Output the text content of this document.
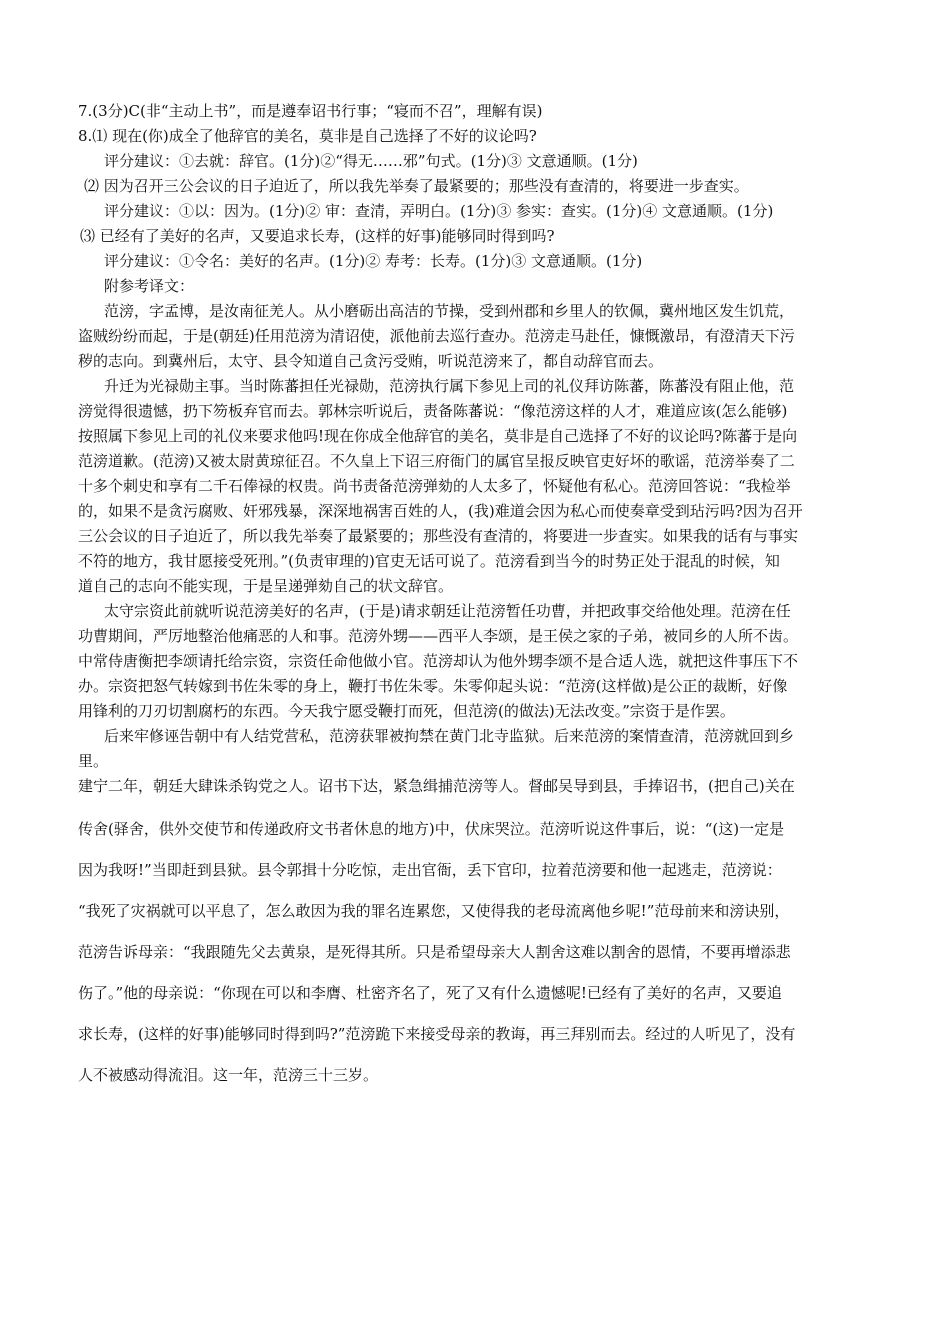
7.(3分)C(非“主动上书”，而是遵奉诏书行事；“寝而不召”，理解有误)
8.⑴ 现在(你)成全了他辞官的美名，莫非是自己选择了不好的议论吗?
评分建议：①去就：辞官。(1分)②“得无……邪”句式。(1分)③ 文意通顺。(1分)
⑵ 因为召开三公会议的日子迫近了，所以我先举奏了最紧要的；那些没有查清的，将要进一步查实。
评分建议：①以：因为。(1分)② 审：查清，弄明白。(1分)③ 参实：查实。(1分)④ 文意通顺。(1分)
⑶ 已经有了美好的名声，又要追求长寿，(这样的好事)能够同时得到吗?
评分建议：①令名：美好的名声。(1分)② 寿考：长寿。(1分)③ 文意通顺。(1分)
附参考译文：
范滂，字孟博，是汝南征羌人。从小磨砺出高洁的节操，受到州郡和乡里人的钦佩，冀州地区发生饥荒，
盗贼纷纷而起，于是(朝廷)任用范滂为清诏使，派他前去巡行查办。范滂走马赴任，慷慨激昂，有澄清天下污
秽的志向。到冀州后，太守、县令知道自己贪污受贿，听说范滂来了，都自动辞官而去。
升迁为光禄勋主事。当时陈蕃担任光禄勋，范滂执行属下参见上司的礼仪拜访陈蕃，陈蕃没有阻止他，范
滂觉得很遗憾，扔下笏板弃官而去。郭林宗听说后，责备陈蕃说：“像范滂这样的人才，难道应该(怎么能够)
按照属下参见上司的礼仪来要求他吗!现在你成全他辞官的美名，莫非是自己选择了不好的议论吗?陈蕃于是向
范滂道歉。(范滂)又被太尉黄琼征召。不久皇上下诏三府衙门的属官呈报反映官吏好坏的歌谣，范滂举奏了二
十多个刺史和享有二千石俸禄的权贵。尚书责备范滂弹劾的人太多了，怀疑他有私心。范滂回答说：“我检举
的，如果不是贪污腐败、奸邪残暴，深深地祸害百姓的人，(我)难道会因为私心而使奏章受到玷污吗?因为召开
三公会议的日子迫近了，所以我先举奏了最紧要的；那些没有查清的，将要进一步查实。如果我的话有与事实
不符的地方，我甘愿接受死刑。”(负责审理的)官吏无话可说了。范滂看到当今的时势正处于混乱的时候，知
道自己的志向不能实现，于是呈递弹劾自己的状文辞官。
太守宗资此前就听说范滂美好的名声，(于是)请求朝廷让范滂暂任功曹，并把政事交给他处理。范滂在任
功曹期间，严厉地整治他痛恶的人和事。范滂外甥——西平人李颂，是王侯之家的子弟，被同乡的人所不齿。
中常侍唐衡把李颂请托给宗资，宗资任命他做小官。范滂却认为他外甥李颂不是合适人选，就把这件事压下不
办。宗资把怒气转嫁到书佐朱零的身上，鞭打书佐朱零。朱零仰起头说：“范滂(这样做)是公正的裁断，好像
用锋利的刀刃切割腐朽的东西。今天我宁愿受鞭打而死，但范滂(的做法)无法改变。”宗资于是作罢。
后来牢修诬告朝中有人结党营私，范滂获罪被拘禁在黄门北寺监狱。后来范滂的案情查清，范滂就回到乡
里。
建宁二年，朝廷大肆诛杀钩党之人。诏书下达，紧急缉捕范滂等人。督邮吴导到县，手捧诏书，(把自己)关在
传舍(驿舍，供外交使节和传递政府文书者休息的地方)中，伏床哭泣。范滂听说这件事后，说：“(这)一定是
因为我呀!”当即赶到县狱。县令郭揖十分吃惊，走出官衙，丢下官印，拉着范滂要和他一起逃走，范滂说：
“我死了灾祸就可以平息了，怎么敢因为我的罪名连累您，又使得我的老母流离他乡呢!”范母前来和滂诀别，
范滂告诉母亲：“我跟随先父去黄泉，是死得其所。只是希望母亲大人割舍这难以割舍的恩情，不要再增添悲
伤了。”他的母亲说：“你现在可以和李膺、杜密齐名了，死了又有什么遗憾呢!已经有了美好的名声，又要追
求长寿，(这样的好事)能够同时得到吗?”范滂跪下来接受母亲的教诲，再三拜别而去。经过的人听见了，没有
人不被感动得流泪。这一年，范滂三十三岁。
